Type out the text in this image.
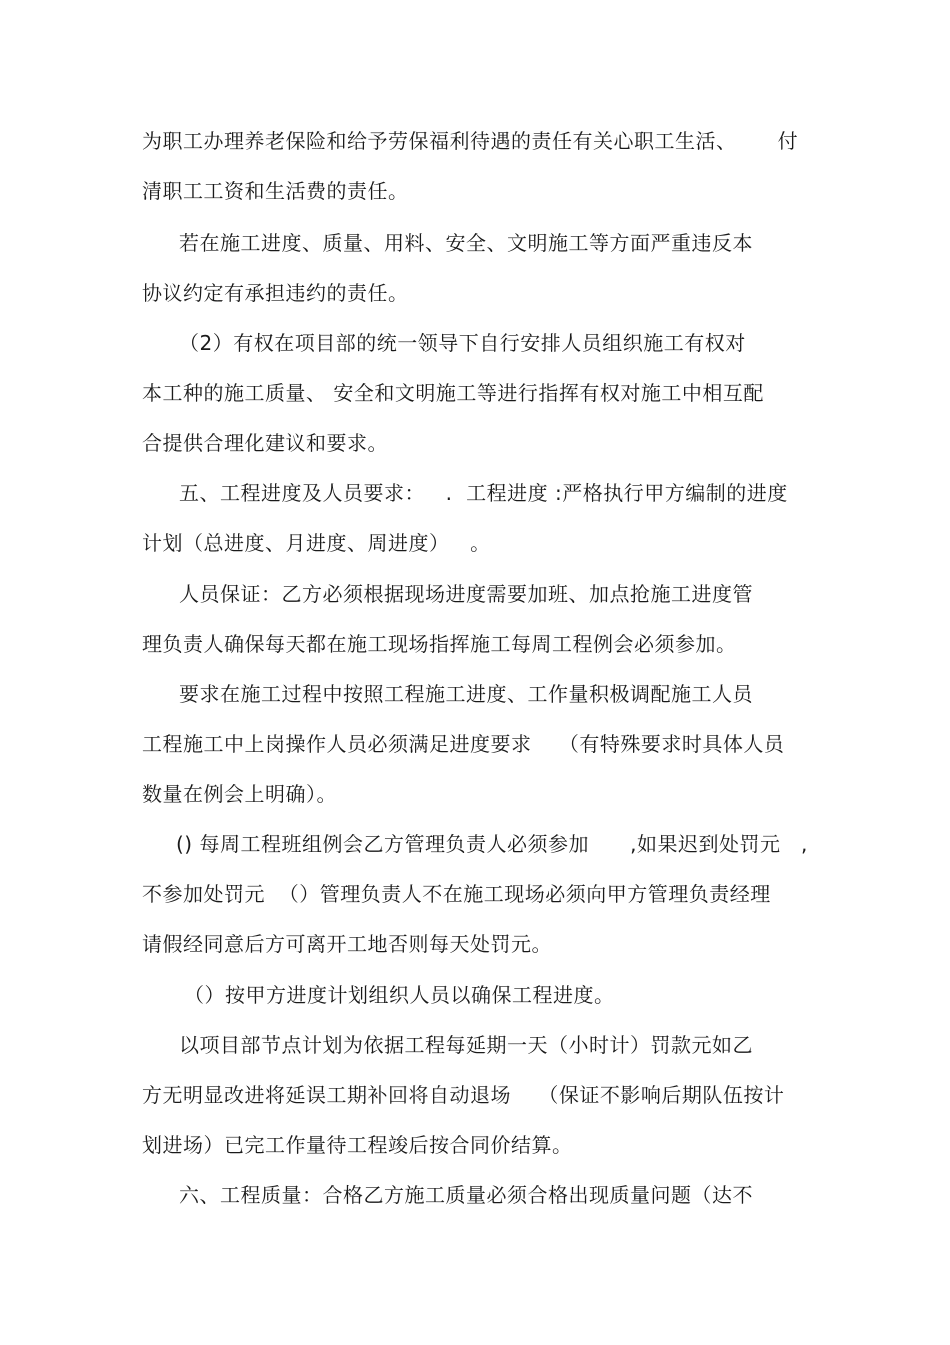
为职工办理养老保险和给予劳保福利待遇的责任有关心职工生活、      付
清职工工资和生活费的责任。
若在施工进度、质量、用料、安全、文明施工等方面严重违反本
协议约定有承担违约的责任。
（2）有权在项目部的统一领导下自行安排人员组织施工有权对
本工种的施工质量、 安全和文明施工等进行指挥有权对施工中相互配
合提供合理化建议和要求。
五、工程进度及人员要求：   .  工程进度 :严格执行甲方编制的进度
计划（总进度、月进度、周进度）   。
人员保证：乙方必须根据现场进度需要加班、加点抢施工进度管
理负责人确保每天都在施工现场指挥施工每周工程例会必须参加。
要求在施工过程中按照工程施工进度、工作量积极调配施工人员
工程施工中上岗操作人员必须满足进度要求    （有特殊要求时具体人员
数量在例会上明确）。
() 每周工程班组例会乙方管理负责人必须参加      ,如果迟到处罚元   ,
不参加处罚元  （）管理负责人不在施工现场必须向甲方管理负责经理
请假经同意后方可离开工地否则每天处罚元。
（）按甲方进度计划组织人员以确保工程进度。
以项目部节点计划为依据工程每延期一天（小时计）罚款元如乙
方无明显改进将延误工期补回将自动退场    （保证不影响后期队伍按计
划进场）已完工作量待工程竣后按合同价结算。
六、工程质量：合格乙方施工质量必须合格出现质量问题（达不
